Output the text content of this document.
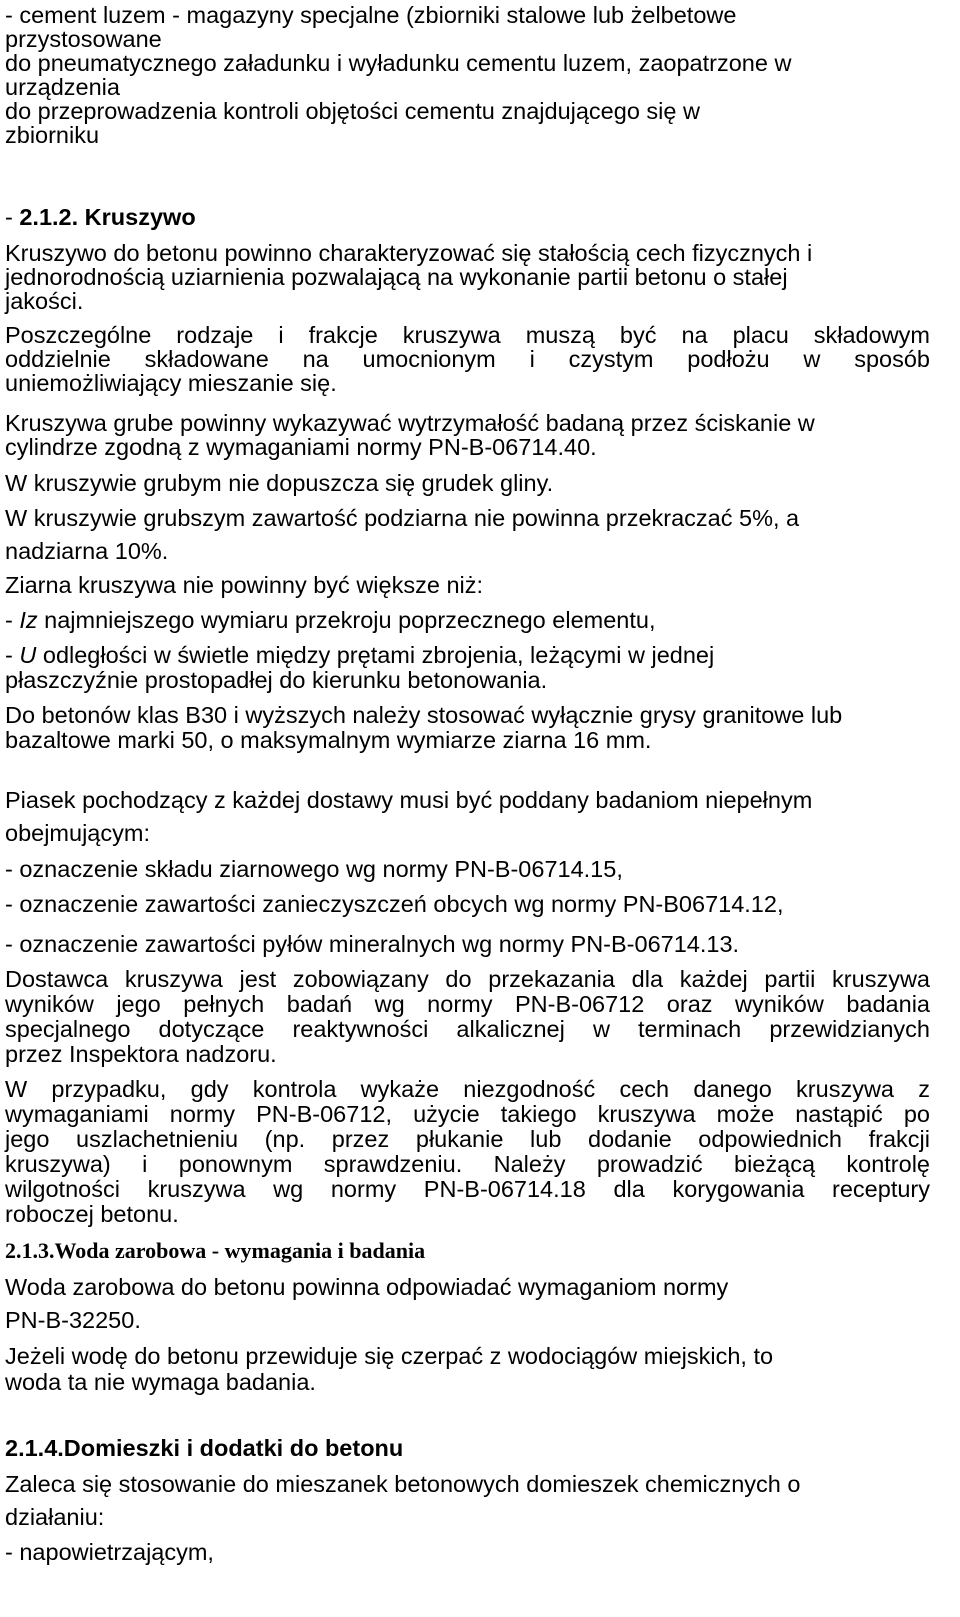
- cement luzem - magazyny specjalne (zbiorniki stalowe lub żelbetowe

przystosowane

do pneumatycznego załadunku i wyładunku cementu luzem, zaopatrzone w

urządzenia

do przeprowadzenia kontroli objętości cementu znajdującego się w

zbiorniku

- 2.1.2. Kruszywo

Kruszywo do betonu powinno charakteryzować się stałością cech fizycznych i

jednorodnością uziarnienia pozwalającą na wykonanie partii betonu o stałej

jakości.

Poszczególne rodzaje i frakcje kruszywa muszą być na placu składowym

oddzielnie składowane na umocnionym i czystym podłożu w sposób

uniemożliwiający mieszanie się.

Kruszywa grube powinny wykazywać wytrzymałość badaną przez ściskanie w

cylindrze zgodną z wymaganiami normy PN-B-06714.40.

W kruszywie grubym nie dopuszcza się grudek gliny.

W kruszywie grubszym zawartość podziarna nie powinna przekraczać 5%, a

nadziarna 10%.

Ziarna kruszywa nie powinny być większe niż:

- Iz najmniejszego wymiaru przekroju poprzecznego elementu,

- U odległości w świetle między prętami zbrojenia, leżącymi w jednej

płaszczyźnie prostopadłej do kierunku betonowania.

Do betonów klas B30 i wyższych należy stosować wyłącznie grysy granitowe lub

bazaltowe marki 50, o maksymalnym wymiarze ziarna 16 mm.

Piasek pochodzący z każdej dostawy musi być poddany badaniom niepełnym

obejmującym:

- oznaczenie składu ziarnowego wg normy PN-B-06714.15,

- oznaczenie zawartości zanieczyszczeń obcych wg normy PN-B06714.12,

- oznaczenie zawartości pyłów mineralnych wg normy PN-B-06714.13.

Dostawca kruszywa jest zobowiązany do przekazania dla każdej partii kruszywa

wyników jego pełnych badań wg normy PN-B-06712 oraz wyników badania

specjalnego dotyczące reaktywności alkalicznej w terminach przewidzianych

przez Inspektora nadzoru.

W przypadku, gdy kontrola wykaże niezgodność cech danego kruszywa z

wymaganiami normy PN-B-06712, użycie takiego kruszywa może nastąpić po

jego uszlachetnieniu (np. przez płukanie lub dodanie odpowiednich frakcji

kruszywa) i ponownym sprawdzeniu. Należy prowadzić bieżącą kontrolę

wilgotności kruszywa wg normy PN-B-06714.18 dla korygowania receptury

roboczej betonu.

2.1.3.Woda zarobowa - wymagania i badania

Woda zarobowa do betonu powinna odpowiadać wymaganiom normy

PN-B-32250.

Jeżeli wodę do betonu przewiduje się czerpać z wodociągów miejskich, to

woda ta nie wymaga badania.

2.1.4.Domieszki i dodatki do betonu

Zaleca się stosowanie do mieszanek betonowych domieszek chemicznych o

działaniu:

- napowietrzającym,
